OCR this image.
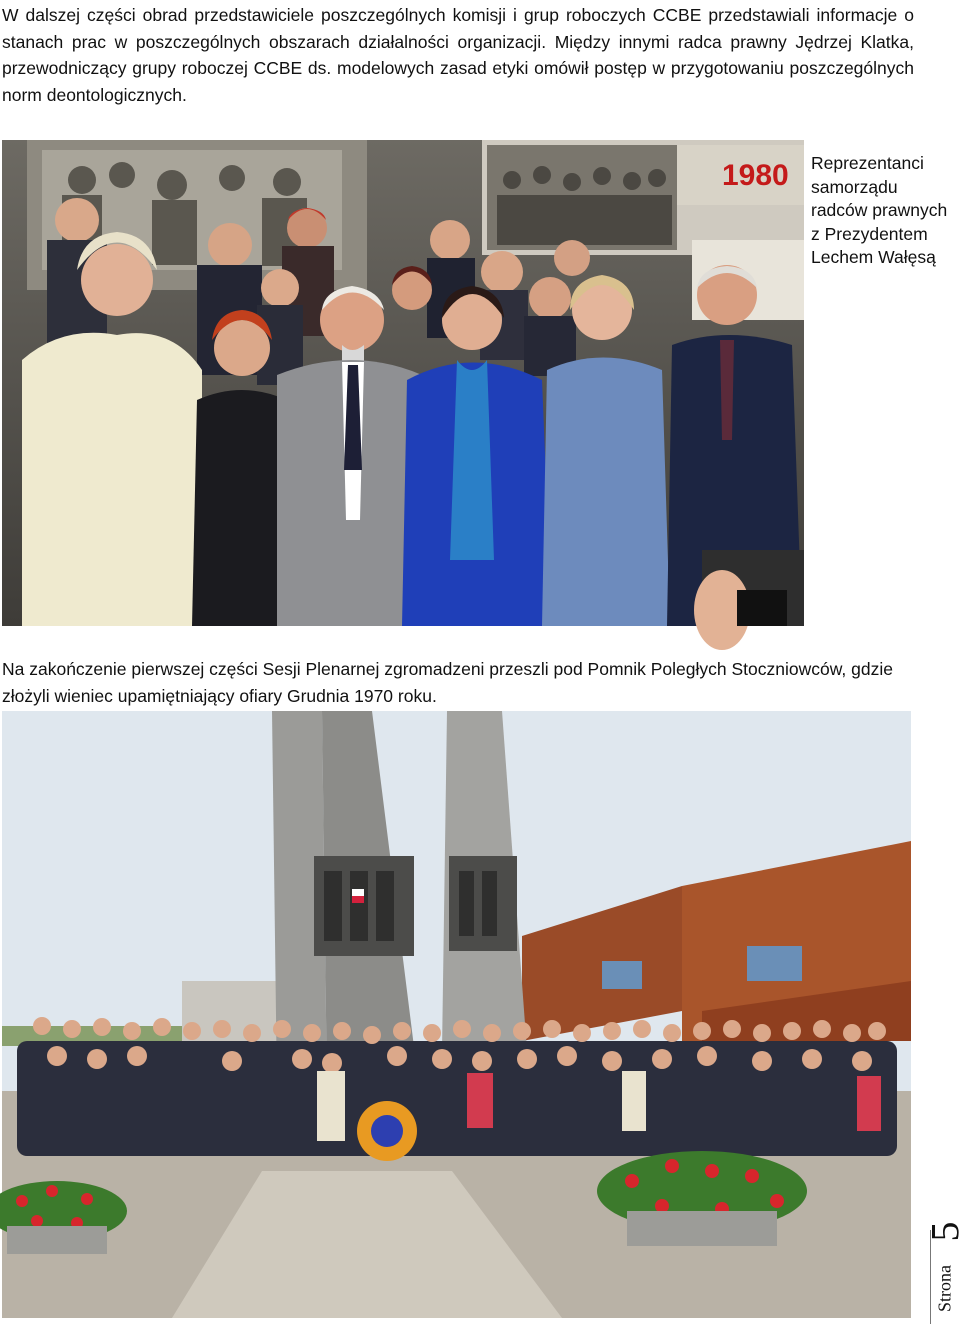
W dalszej części obrad przedstawiciele poszczególnych komisji i grup roboczych CCBE przedstawiali informacje o stanach prac w poszczególnych obszarach działalności organizacji. Między innymi radca prawny Jędrzej Klatka, przewodniczący grupy roboczej CCBE ds. modelowych zasad etyki omówił postęp w przygotowaniu poszczególnych norm deontologicznych.

1980 Reprezentanci samorządu radców prawnych z Prezydentem Lechem Wałęsą

Na zakończenie pierwszej części Sesji Plenarnej zgromadzeni przeszli pod Pomnik Poległych Stoczniowców, gdzie złożyli wieniec upamiętniający ofiary Grudnia 1970 roku.

Strona
5
